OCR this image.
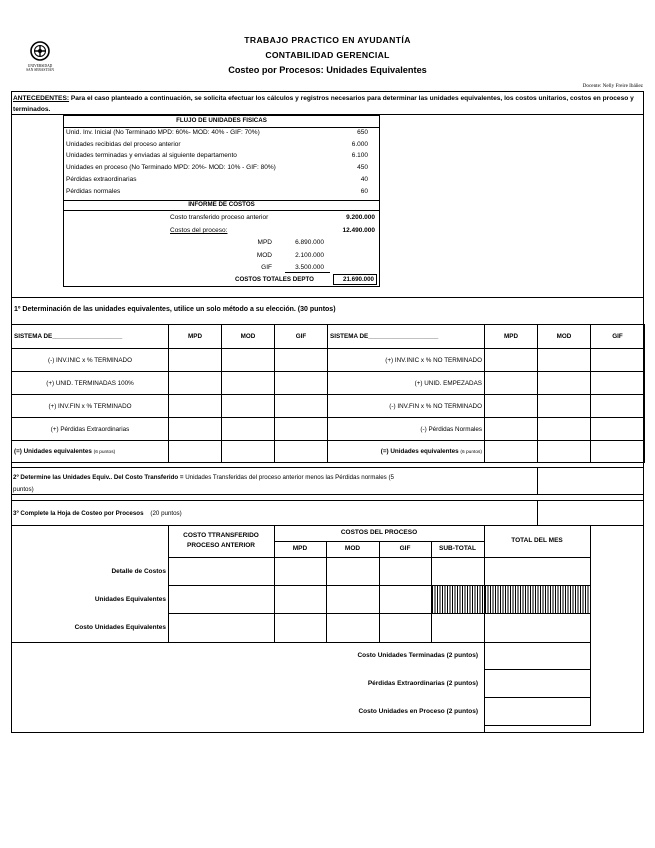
UNIVERSIDAD
SAN SEBASTIÁN
TRABAJO PRACTICO EN AYUDANTÍA
CONTABILIDAD GERENCIAL
Costeo por Procesos: Unidades Equivalentes
Docente: Nelly Freire Ibáñez
ANTECEDENTES: Para el caso planteado a continuación, se solicita efectuar los cálculos y registros necesarios para determinar las unidades equivalentes, los costos unitarios, costos en proceso y terminados.
FLUJO DE UNIDADES FISICAS
Unid. Inv. Inicial (No Terminado MPD: 60%- MOD: 40% - GIF: 70%)	650
Unidades recibidas del proceso anterior	6.000
Unidades terminadas y enviadas al siguiente departamento	6.100
Unidades en proceso (No Terminado MPD: 20%- MOD: 10% - GIF: 80%)	450
Pérdidas extraordinarias	40
Pérdidas normales	60
INFORME DE COSTOS
Costo transferido proceso anterior	9.200.000
Costos del proceso:	12.490.000
MPD	6.890.000
MOD	2.100.000
GIF	3.500.000
COSTOS TOTALES DEPTO	21.690.000
1º Determinación de las unidades equivalentes, utilice un solo método a su elección. (30 puntos)
SISTEMA DE____________________	MPD	MOD	GIF	SISTEMA DE____________________	MPD	MOD	GIF
(-) INV.INIC x % TERMINADO				(+) INV.INIC x % NO TERMINADO			
(+) UNID. TERMINADAS 100%				(+) UNID. EMPEZADAS			
(+) INV.FIN x % TERMINADO				(-) INV.FIN x % NO TERMINADO			
(+) Pérdidas Extraordinarias				(-) Pérdidas Normales			
(=) Unidades equivalentes (6 puntos)				(=) Unidades equivalentes (6 puntos)			
2º Determine las Unidades Equiv.. Del Costo Transferido = Unidades Transferidas del proceso anterior menos las Pérdidas normales (5
puntos)
3º Complete la Hoja de Costeo por Procesos (20 puntos)
COSTO TTRANSFERIDO
PROCESO ANTERIOR
COSTOS DEL PROCESO
MPD	MOD	GIF	SUB-TOTAL
TOTAL DEL MES
Detalle de Costos
Unidades Equivalentes
Costo Unidades Equivalentes
Costo Unidades Terminadas (2 puntos)
Pérdidas Extraordinarias (2 puntos)
Costo Unidades en Proceso (2 puntos)
